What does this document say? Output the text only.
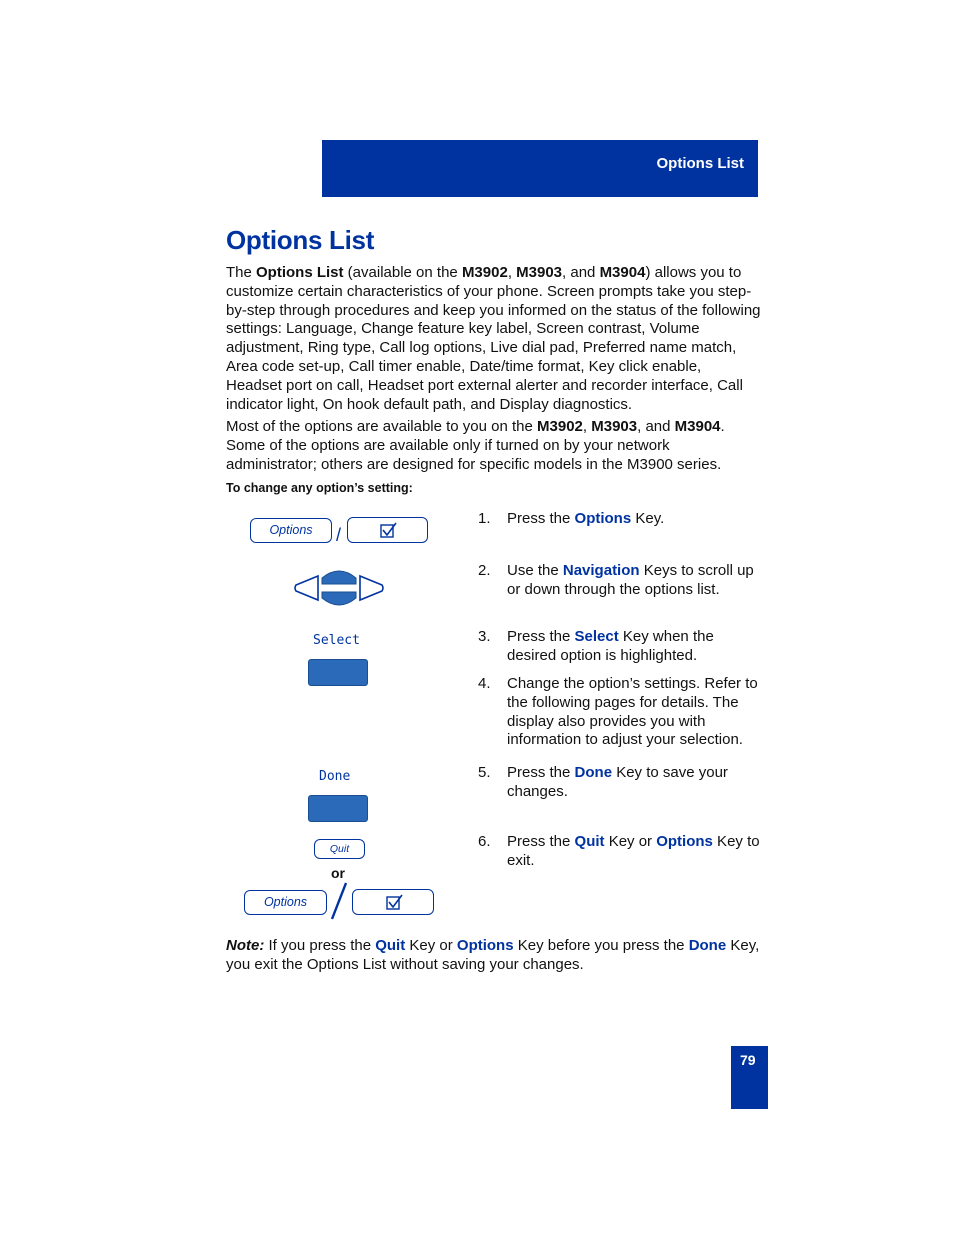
Options List
Options List

The Options List (available on the M3902, M3903, and M3904) allows you to customize certain characteristics of your phone. Screen prompts take you step-by-step through procedures and keep you informed on the status of the following settings: Language, Change feature key label, Screen contrast, Volume adjustment, Ring type, Call log options, Live dial pad, Preferred name match, Area code set-up, Call timer enable, Date/time format, Key click enable, Headset port on call, Headset port external alerter and recorder interface, Call indicator light, On hook default path, and Display diagnostics.

Most of the options are available to you on the M3902, M3903, and M3904. Some of the options are available only if turned on by your network administrator; others are designed for specific models in the M3900 series.

To change any option’s setting:

Options	/
Select
Done
Quit
or
Options
1. Press the Options Key.
2. Use the Navigation Keys to scroll up or down through the options list.
3. Press the Select Key when the desired option is highlighted.
4. Change the option’s settings. Refer to the following pages for details. The display also provides you with information to adjust your selection.
5. Press the Done Key to save your changes.
6. Press the Quit Key or Options Key to exit.

Note: If you press the Quit Key or Options Key before you press the Done Key, you exit the Options List without saving your changes.

79
